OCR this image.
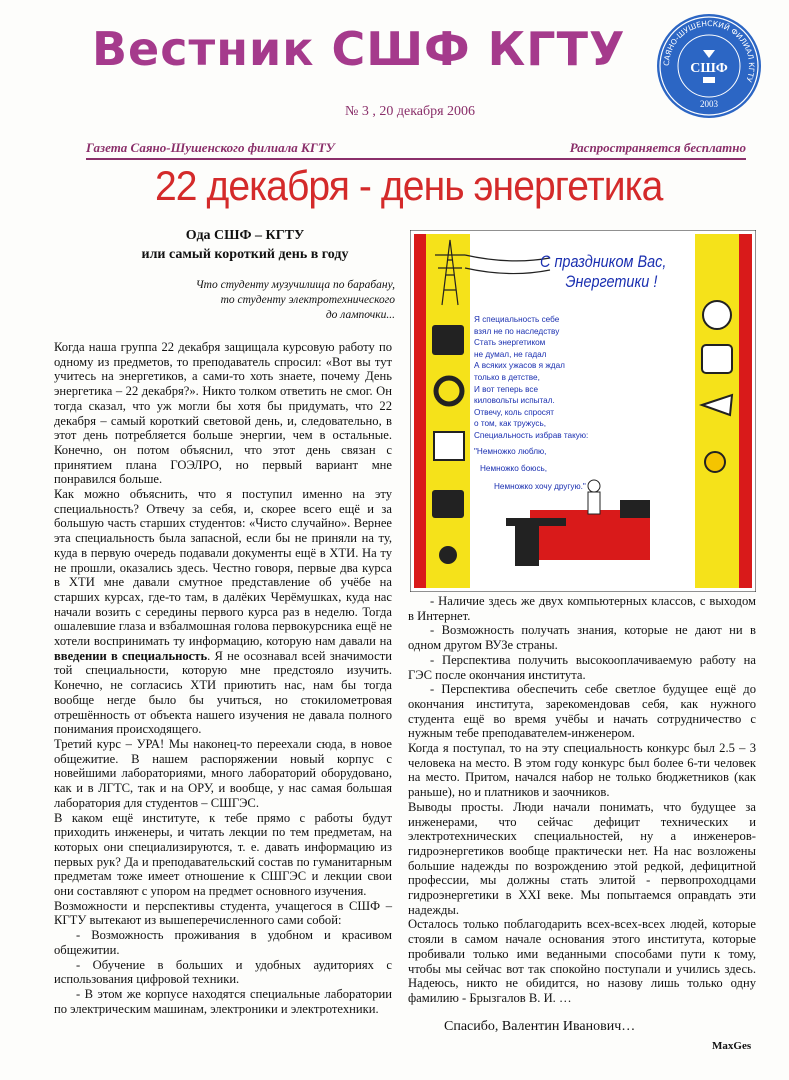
Вестник СШФ КГТУ	САЯНО-ШУШЕНСКИЙ ФИЛИАЛ КГТУ
СШФ
2003
№ 3 , 20 декабря 2006
Газета Саяно-Шушенского филиала КГТУ	Распространяется бесплатно
22 декабря - день энергетика
Ода СШФ – КГТУ
или самый короткий день в году
Что студенту музучилища по барабану,
то студенту электротехнического
до лампочки...

Когда наша группа 22 декабря защищала курсовую работу по одному из предметов, то преподаватель спросил: «Вот вы тут учитесь на энергетиков, а сами-то хоть знаете, почему День энергетика – 22 декабря?». Никто толком ответить не смог. Он тогда сказал, что уж могли бы хотя бы придумать, что 22 декабря – самый короткий световой день, и, следовательно, в этот день потребляется больше энергии, чем в остальные. Конечно, он потом объяснил, что этот день связан с принятием плана ГОЭЛРО, но первый вариант мне понравился больше.

Как можно объяснить, что я поступил именно на эту специальность? Отвечу за себя, и, скорее всего ещё и за большую часть старших студентов: «Чисто случайно». Вернее эта специальность была запасной, если бы не приняли на ту, куда в первую очередь подавали документы ещё в ХТИ. На ту не прошли, оказались здесь. Честно говоря, первые два курса в ХТИ мне давали смутное представление об учёбе на старших курсах, где-то там, в далёких Черёмушках, куда нас начали возить с середины первого курса раз в неделю. Тогда ошалевшие глаза и взбалмошная голова первокурсника ещё не хотели воспринимать ту информацию, которую нам давали на введении в специальность. Я не осознавал всей значимости той специальности, которую мне предстояло изучить. Конечно, не согласись ХТИ приютить нас, нам бы тогда вообще негде было бы учиться, но стокилометровая отрешённость от объекта нашего изучения не давала полного понимания происходящего.

Третий курс – УРА! Мы наконец-то переехали сюда, в новое общежитие. В нашем распоряжении новый корпус с новейшими лабораториями, много лабораторий оборудовано, как и в ЛГТС, так и на ОРУ, и вообще, у нас самая большая лаборатория для студентов – СШГЭС.

В каком ещё институте, к тебе прямо с работы будут приходить инженеры, и читать лекции по тем предметам, на которых они специализируются, т. е. давать информацию из первых рук? Да и преподавательский состав по гуманитарным предметам тоже имеет отношение к СШГЭС и лекции свои они составляют с упором на предмет основного изучения.

Возможности и перспективы студента, учащегося в СШФ – КГТУ вытекают из вышеперечисленного сами собой:

- Возможность проживания в удобном и красивом общежитии.

- Обучение в больших и удобных аудиториях с использования цифровой техники.

- В этом же корпусе находятся специальные лаборатории по электрическим машинам, электроники и электротехники.

С праздником Вас,
Энергетики !
Я специальность себе
взял не по наследству
Стать энергетиком
не думал, не гадал
А всяких ужасов я ждал
только в детстве,
И вот теперь все
киловольты испытал.
Отвечу, коль спросят
о том, как тружусь,
Специальность избрав такую:
"Немножко люблю,
Немножко боюсь,
Немножко хочу другую."

- Наличие здесь же двух компьютерных классов, с выходом в Интернет.

- Возможность получать знания, которые не дают ни в одном другом ВУЗе страны.

- Перспектива получить высокооплачиваемую работу на ГЭС после окончания института.

- Перспектива обеспечить себе светлое будущее ещё до окончания института, зарекомендовав себя, как нужного студента ещё во время учёбы и начать сотрудничество с нужным тебе преподавателем-инженером.

Когда я поступал, то на эту специальность конкурс был 2.5 – 3 человека на место. В этом году конкурс был более 6-ти человек на место. Притом, начался набор не только бюджетников (как раньше), но и платников и заочников.

Выводы просты. Люди начали понимать, что будущее за инженерами, что сейчас дефицит технических и электротехнических специальностей, ну а инженеров-гидроэнергетиков вообще практически нет. На нас возложены большие надежды по возрождению этой редкой, дефицитной профессии, мы должны стать элитой - первопроходцами гидроэнергетики в XXI веке. Мы попытаемся оправдать эти надежды.

Осталось только поблагодарить всех-всех-всех людей, которые стояли в самом начале основания этого института, которые пробивали только ими веданными способами пути к тому, чтобы мы сейчас вот так спокойно поступали и учились здесь. Надеюсь, никто не обидится, но назову лишь только одну фамилию - Брызгалов В. И. …

Спасибо, Валентин Иванович…
MaxGes
